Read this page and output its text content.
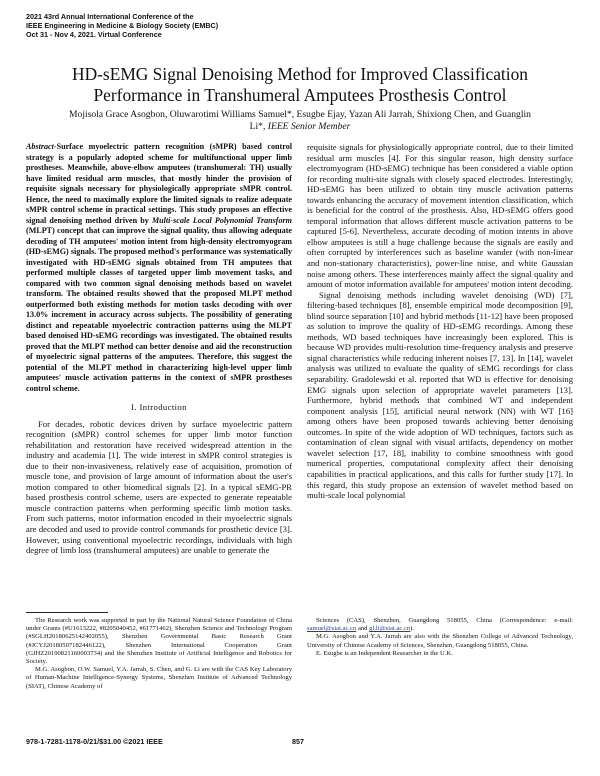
2021 43rd Annual International Conference of the
IEEE Engineering in Medicine & Biology Society (EMBC)
Oct 31 - Nov 4, 2021. Virtual Conference
HD-sEMG Signal Denoising Method for Improved Classification Performance in Transhumeral Amputees Prosthesis Control
Mojisola Grace Asogbon, Oluwarotimi Williams Samuel*, Esugbe Ejay, Yazan Ali Jarrah, Shixiong Chen, and Guanglin Li*, IEEE Senior Member

Abstract-Surface myoelectric pattern recognition (sMPR) based control strategy is a popularly adopted scheme for multifunctional upper limb prostheses. Meanwhile, above-elbow amputees (transhumeral: TH) usually have limited residual arm muscles, that mostly hinder the provision of requisite signals necessary for physiologically appropriate sMPR control. Hence, the need to maximally explore the limited signals to realize adequate sMPR control scheme in practical settings. This study proposes an effective signal denoising method driven by Multi-scale Local Polynomial Transform (MLPT) concept that can improve the signal quality, thus allowing adequate decoding of TH amputees' motion intent from high-density electromyogram (HD-sEMG) signals. The proposed method's performance was systematically investigated with HD-sEMG signals obtained from TH amputees that performed multiple classes of targeted upper limb movement tasks, and compared with two common signal denoising methods based on wavelet transform. The obtained results showed that the proposed MLPT method outperformed both existing methods for motion tasks decoding with over 13.0% increment in accuracy across subjects. The possibility of generating distinct and repeatable myoelectric contraction patterns using the MLPT based denoised HD-sEMG recordings was investigated. The obtained results proved that the MLPT method can better denoise and aid the reconstruction of myoelectric signal patterns of the amputees. Therefore, this suggest the potential of the MLPT method in characterizing high-level upper limb amputees' muscle activation patterns in the context of sMPR prostheses control scheme.

I. Introduction

For decades, robotic devices driven by surface myoelectric pattern recognition (sMPR) control schemes for upper limb motor function rehabilitation and restoration have received widespread attention in the industry and academia [1]. The wide interest in sMPR control strategies is due to their non-invasiveness, relatively ease of acquisition, promotion of muscle tone, and provision of large amount of information about the user's motion compared to other biomedical signals [2]. In a typical sEMG-PR based prosthesis control scheme, users are expected to generate repeatable muscle contraction patterns when performing specific limb motion tasks. From such patterns, motor information encoded in their myoelectric signals are decoded and used to provide control commands for prosthetic device [3]. However, using conventional myoelectric recordings, individuals with high degree of limb loss (transhumeral amputees) are unable to generate the

requisite signals for physiologically appropriate control, due to their limited residual arm muscles [4]. For this singular reason, high density surface electromyogram (HD-sEMG) technique has been considered a viable option for recording multi-site signals with closely spaced electrodes. Interestingly, HD-sEMG has been utilized to obtain tiny muscle activation patterns towards enhancing the accuracy of movement intention classification, which is beneficial for the control of the prosthesis. Also, HD-sEMG offers good temporal information that allows different muscle activation patterns to be captured [5-6]. Nevertheless, accurate decoding of motion intents in above elbow amputees is still a huge challenge because the signals are easily and often corrupted by interferences such as baseline wander (with non-linear and non-stationary characteristics), power-line noise, and white Gaussian noise among others. These interferences mainly affect the signal quality and amount of motor information available for amputees' motion intent decoding.

Signal denoising methods including wavelet denoising (WD) [7], filtering-based techniques [8], ensemble empirical mode decomposition [9], blind source separation [10] and hybrid methods [11-12] have been proposed as solution to improve the quality of HD-sEMG recordings. Among these methods, WD based techniques have increasingly been explored. This is because WD provides multi-resolution time-frequency analysis and preserve signal characteristics while reducing inherent noises [7, 13]. In [14], wavelet analysis was utilized to evaluate the quality of sEMG recordings for class separability. Gradolewski et al. reported that WD is effective for denoising EMG signals upon selection of appropriate wavelet parameters [13]. Furthermore, hybrid methods that combined WT and independent component analysis [15], artificial neural network (NN) with WT [16] among others have been proposed towards achieving better denoising outcomes. In spite of the wide adoption of WD techniques, factors such as contamination of clean signal with visual artifacts, dependency on mother wavelet selection [17, 18], inability to combine smoothness with good numerical properties, computational complexity affect their denoising capabilities in practical applications, and this calls for further study [17]. In this regard, this study propose an extension of wavelet method based on multi-scale local polynomial

The Research work was supported in part by the National Natural Science Foundation of China under Grants (#U1613222, #8205040452, #61771462), Shenzhen Science and Technology Program (#SGLH20180625142402055), Shenzhen Governmental Basic Research Grant (#JCYJ20180507182446122), Shenzhen International Cooperation Grant (GJHZ20190821160003734) and the Shenzhen Institute of Artificial Intelligence and Robotics for Society.

M.G. Asogbon, O.W. Samuel, Y.A. Jarrah, S. Chen, and G. Li are with the CAS Key Laboratory of Human-Machine Intelligence-Synergy Systems, Shenzhen Institute of Advanced Technology (SIAT), Chinese Academy of

Sciences (CAS), Shenzhen, Guangdong 518055, China (Correspondence: e-mail: samuel@siat.ac.cn and gl.li@siat.ac.cn).

M.G. Asogbon and Y.A. Jarrah are also with the Shenzhen College of Advanced Technology, University of Chinese Academy of Sciences, Shenzhen, Guangdong 518055, China.

E. Esugbe is an Independent Researcher in the U.K.

978-1-7281-1178-0/21/$31.00 ©2021 IEEE	857
